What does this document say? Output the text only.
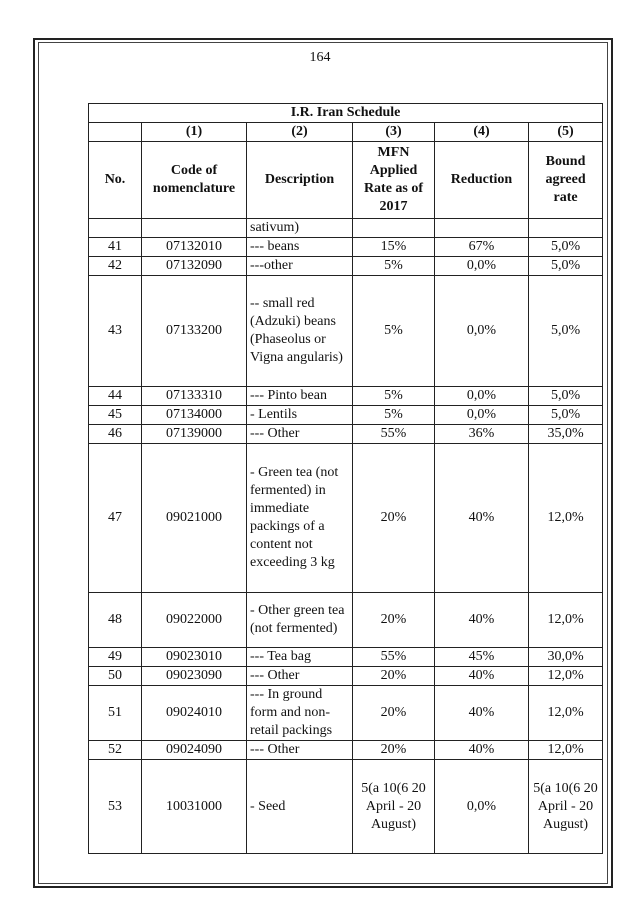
164
I.R. Iran Schedule					
	(1)	(2)	(3)	(4)	(5)
No.	Code of nomenclature	Description	MFN Applied Rate as of 2017	Reduction	Bound agreed rate
		sativum)			
41	07132010	--- beans	15%	67%	5,0%
42	07132090	---other	5%	0,0%	5,0%
43	07133200	-- small red (Adzuki) beans (Phaseolus or Vigna angularis)	5%	0,0%	5,0%
44	07133310	--- Pinto bean	5%	0,0%	5,0%
45	07134000	- Lentils	5%	0,0%	5,0%
46	07139000	--- Other	55%	36%	35,0%
47	09021000	- Green tea (not fermented) in immediate packings of a content not exceeding 3 kg	20%	40%	12,0%
48	09022000	- Other green tea (not fermented)	20%	40%	12,0%
49	09023010	--- Tea bag	55%	45%	30,0%
50	09023090	--- Other	20%	40%	12,0%
51	09024010	--- In ground form and non-retail packings	20%	40%	12,0%
52	09024090	--- Other	20%	40%	12,0%
53	10031000	- Seed	5(a 10(6 20 April - 20 August)	0,0%	5(a 10(6 20 April - 20 August)
